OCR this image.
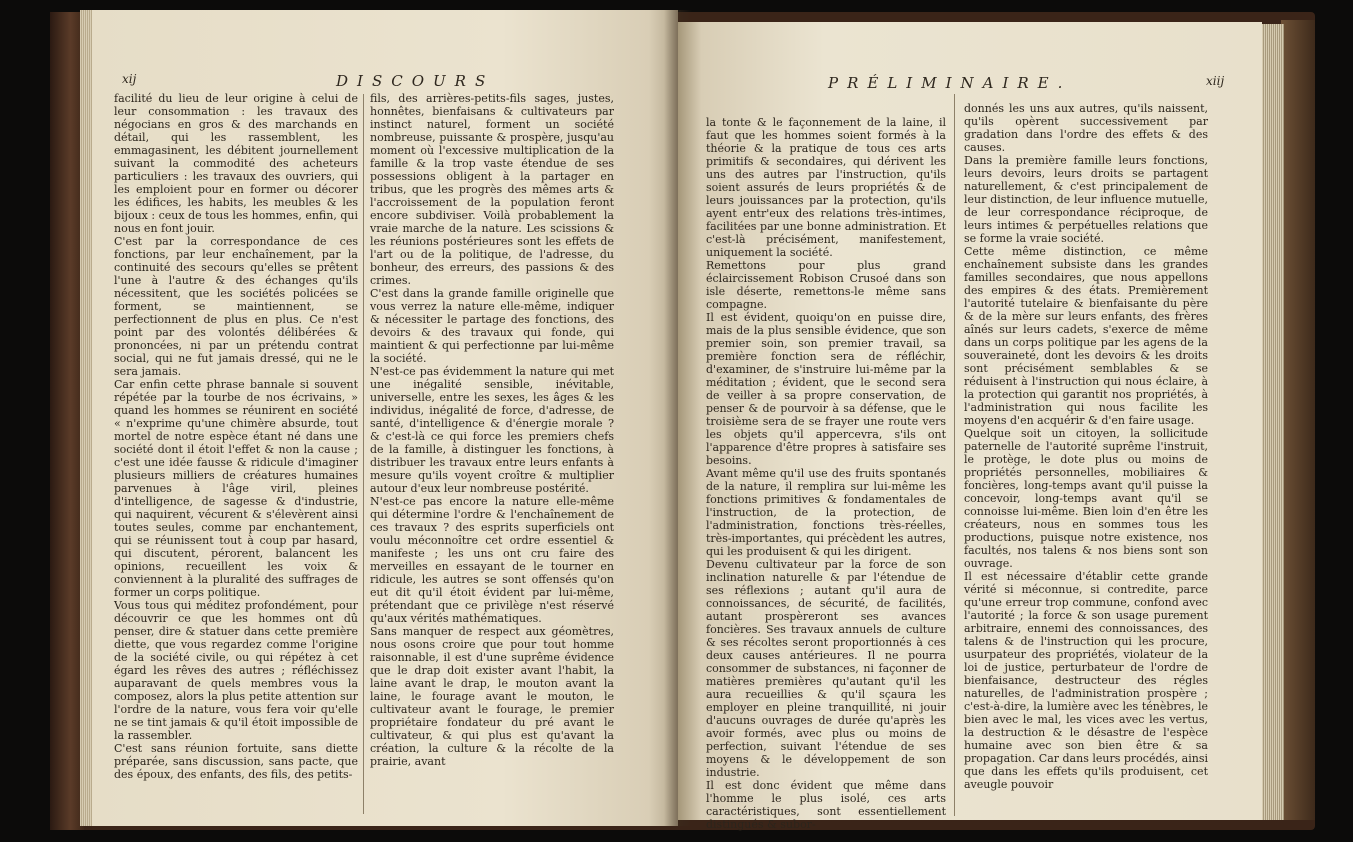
xij	DISCOURS
facilité du lieu de leur origine à celui de leur consommation : les travaux des négocians en gros & des marchands en détail, qui les rassemblent, les emmagasinent, les débitent journellement suivant la commodité des acheteurs particuliers : les travaux des ouvriers, qui les emploient pour en former ou décorer les édifices, les habits, les meubles & les bijoux : ceux de tous les hommes, enfin, qui nous en font jouir.
C'est par la correspondance de ces fonctions, par leur enchaînement, par la continuité des secours qu'elles se prêtent l'une à l'autre & des échanges qu'ils nécessitent, que les sociétés policées se forment, se maintiennent, se perfectionnent de plus en plus. Ce n'est point par des volontés délibérées & prononcées, ni par un prétendu contrat social, qui ne fut jamais dressé, qui ne le sera jamais.
Car enfin cette phrase bannale si souvent répétée par la tourbe de nos écrivains, » quand les hommes se réunirent en société « n'exprime qu'une chimère absurde, tout mortel de notre espèce étant né dans une société dont il étoit l'effet & non la cause ; c'est une idée fausse & ridicule d'imaginer plusieurs milliers de créatures humaines parvenues à l'âge viril, pleines d'intelligence, de sagesse & d'industrie, qui naquirent, vécurent & s'élevèrent ainsi toutes seules, comme par enchantement, qui se réunissent tout à coup par hasard, qui discutent, pérorent, balancent les opinions, recueillent les voix & conviennent à la pluralité des suffrages de former un corps politique.
Vous tous qui méditez profondément, pour découvrir ce que les hommes ont dû penser, dire & statuer dans cette première diette, que vous regardez comme l'origine de la société civile, ou qui répétez à cet égard les rêves des autres ; réfléchissez auparavant de quels membres vous la composez, alors la plus petite attention sur l'ordre de la nature, vous fera voir qu'elle ne se tint jamais & qu'il étoit impossible de la rassembler.
C'est sans réunion fortuite, sans diette préparée, sans discussion, sans pacte, que des époux, des enfants, des fils, des petits-
fils, des arrières-petits-fils sages, justes, honnêtes, bienfaisans & cultivateurs par instinct naturel, forment un société nombreuse, puissante & prospère, jusqu'au moment où l'excessive multiplication de la famille & la trop vaste étendue de ses possessions obligent à la partager en tribus, que les progrès des mêmes arts & l'accroissement de la population feront encore subdiviser. Voilà probablement la vraie marche de la nature. Les scissions & les réunions postérieures sont les effets de l'art ou de la politique, de l'adresse, du bonheur, des erreurs, des passions & des crimes.
C'est dans la grande famille originelle que vous verrez la nature elle-même, indiquer & nécessiter le partage des fonctions, des devoirs & des travaux qui fonde, qui maintient & qui perfectionne par lui-même la société.
N'est-ce pas évidemment la nature qui met une inégalité sensible, inévitable, universelle, entre les sexes, les âges & les individus, inégalité de force, d'adresse, de santé, d'intelligence & d'énergie morale ? & c'est-là ce qui force les premiers chefs de la famille, à distinguer les fonctions, à distribuer les travaux entre leurs enfants à mesure qu'ils voyent croître & multiplier autour d'eux leur nombreuse postérité.
N'est-ce pas encore la nature elle-même qui détermine l'ordre & l'enchaînement de ces travaux ? des esprits superficiels ont voulu méconnoître cet ordre essentiel & manifeste ; les uns ont cru faire des merveilles en essayant de le tourner en ridicule, les autres se sont offensés qu'on eut dit qu'il étoit évident par lui-même, prétendant que ce privilège n'est réservé qu'aux vérités mathématiques.
Sans manquer de respect aux géomètres, nous osons croire que pour tout homme raisonnable, il est d'une suprême évidence que le drap doit exister avant l'habit, la laine avant le drap, le mouton avant la laine, le fourage avant le mouton, le cultivateur avant le fourage, le premier propriétaire fondateur du pré avant le cultivateur, & qui plus est qu'avant la création, la culture & la récolte de la prairie, avant
PRÉLIMINAIRE.	xiij
la tonte & le façonnement de la laine, il faut que les hommes soient formés à la théorie & la pratique de tous ces arts primitifs & secondaires, qui dérivent les uns des autres par l'instruction, qu'ils soient assurés de leurs propriétés & de leurs jouissances par la protection, qu'ils ayent entr'eux des relations très-intimes, facilitées par une bonne administration. Et c'est-là précisément, manifestement, uniquement la société.
Remettons pour plus grand éclaircissement Robison Crusoé dans son isle déserte, remettons-le même sans compagne.
Il est évident, quoiqu'on en puisse dire, mais de la plus sensible évidence, que son premier soin, son premier travail, sa première fonction sera de réfléchir, d'examiner, de s'instruire lui-même par la méditation ; évident, que le second sera de veiller à sa propre conservation, de penser & de pourvoir à sa défense, que le troisième sera de se frayer une route vers les objets qu'il appercevra, s'ils ont l'apparence d'être propres à satisfaire ses besoins.
Avant même qu'il use des fruits spontanés de la nature, il remplira sur lui-même les fonctions primitives & fondamentales de l'instruction, de la protection, de l'administration, fonctions très-réelles, très-importantes, qui précèdent les autres, qui les produisent & qui les dirigent.
Devenu cultivateur par la force de son inclination naturelle & par l'étendue de ses réflexions ; autant qu'il aura de connoissances, de sécurité, de facilités, autant prospèreront ses avances foncières. Ses travaux annuels de culture & ses récoltes seront proportionnés à ces deux causes antérieures. Il ne pourra consommer de substances, ni façonner de matières premières qu'autant qu'il les aura recueillies & qu'il sçaura les employer en pleine tranquillité, ni jouir d'aucuns ouvrages de durée qu'après les avoir formés, avec plus ou moins de perfection, suivant l'étendue de ses moyens & le développement de son industrie.
Il est donc évident que même dans l'homme le plus isolé, ces arts caractéristiques, sont essentiellement distingués & subor-
donnés les uns aux autres, qu'ils naissent, qu'ils opèrent successivement par gradation dans l'ordre des effets & des causes.
Dans la première famille leurs fonctions, leurs devoirs, leurs droits se partagent naturellement, & c'est principalement de leur distinction, de leur influence mutuelle, de leur correspondance réciproque, de leurs intimes & perpétuelles relations que se forme la vraie société.
Cette même distinction, ce même enchaînement subsiste dans les grandes familles secondaires, que nous appellons des empires & des états. Premièrement l'autorité tutelaire & bienfaisante du père & de la mère sur leurs enfants, des frères aînés sur leurs cadets, s'exerce de même dans un corps politique par les agens de la souveraineté, dont les devoirs & les droits sont précisément semblables & se réduisent à l'instruction qui nous éclaire, à la protection qui garantit nos propriétés, à l'administration qui nous facilite les moyens d'en acquérir & d'en faire usage.
Quelque soit un citoyen, la sollicitude paternelle de l'autorité suprême l'instruit, le protège, le dote plus ou moins de propriétés personnelles, mobiliaires & foncières, long-temps avant qu'il puisse la concevoir, long-temps avant qu'il se connoisse lui-même. Bien loin d'en être les créateurs, nous en sommes tous les productions, puisque notre existence, nos facultés, nos talens & nos biens sont son ouvrage.
Il est nécessaire d'établir cette grande vérité si méconnue, si contredite, parce qu'une erreur trop commune, confond avec l'autorité ; la force & son usage purement arbitraire, ennemi des connoissances, des talens & de l'instruction qui les procure, usurpateur des propriétés, violateur de la loi de justice, perturbateur de l'ordre de bienfaisance, destructeur des régles naturelles, de l'administration prospère ; c'est-à-dire, la lumière avec les ténèbres, le bien avec le mal, les vices avec les vertus, la destruction & le désastre de l'espèce humaine avec son bien être & sa propagation. Car dans leurs procédés, ainsi que dans les effets qu'ils produisent, cet aveugle pouvoir
